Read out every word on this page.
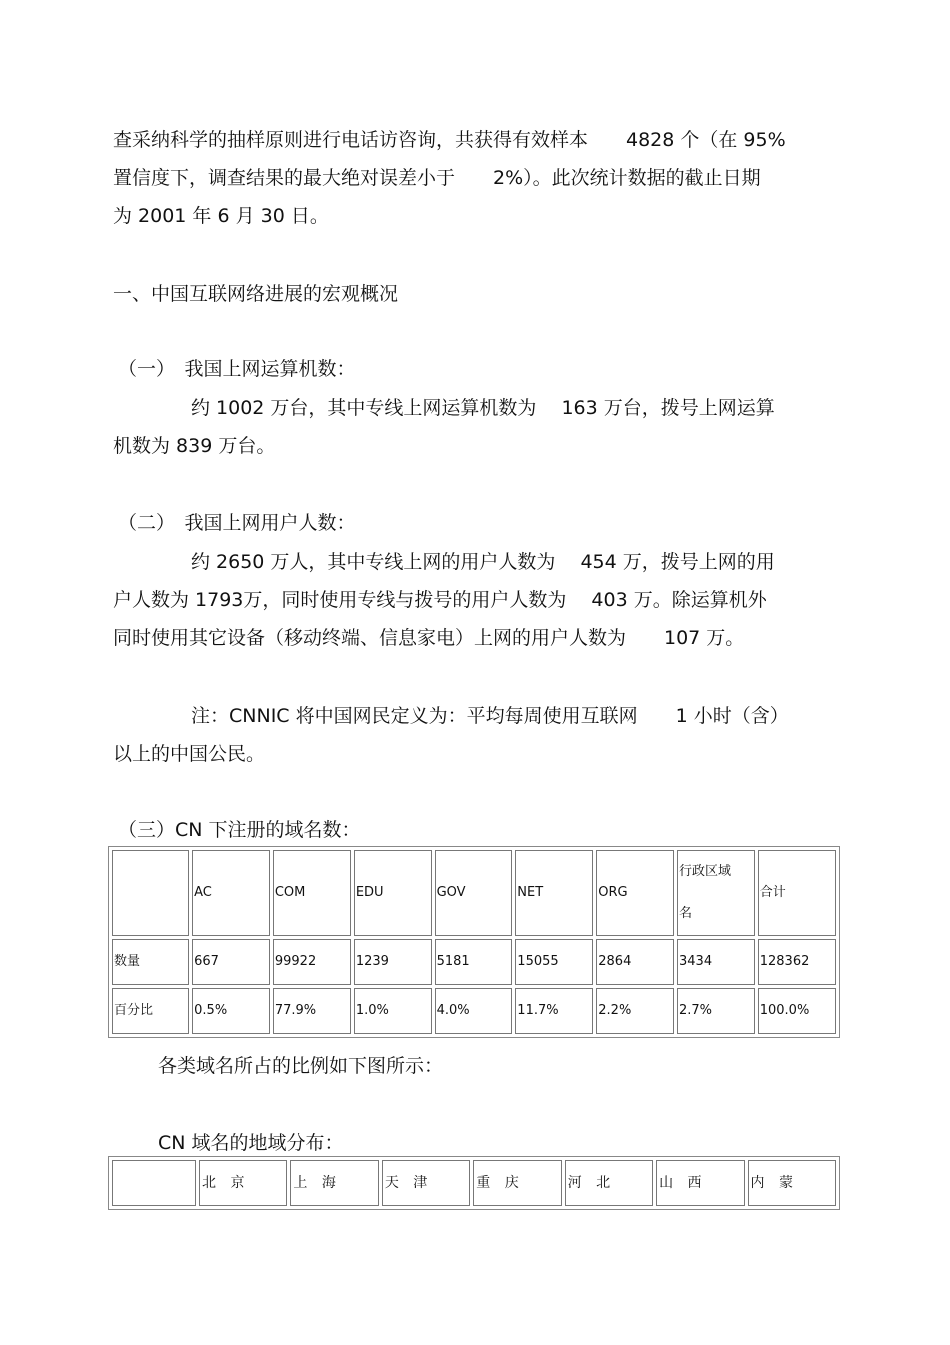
查采纳科学的抽样原则进行电话访咨询，共获得有效样本　　4828 个（在 95%
置信度下，调查结果的最大绝对误差小于　　2%）。此次统计数据的截止日期
为 2001 年 6 月 30 日。
一、中国互联网络进展的宏观概况
（一）　我国上网运算机数：
约 1002 万台，其中专线上网运算机数为　 163 万台，拨号上网运算
机数为 839 万台。
（二）　我国上网用户人数：
约 2650 万人，其中专线上网的用户人数为　 454 万，拨号上网的用
户人数为 1793万，同时使用专线与拨号的用户人数为　 403 万。除运算机外
同时使用其它设备（移动终端、信息家电）上网的用户人数为　　107 万。
注：CNNIC 将中国网民定义为：平均每周使用互联网　　1 小时（含）
以上的中国公民。
（三）CN 下注册的域名数：
	AC	COM	EDU	GOV	NET	ORG	行政区域
名	合计
数量	667	99922	1239	5181	15055	2864	3434	128362
百分比	0.5%	77.9%	1.0%	4.0%	11.7%	2.2%	2.7%	100.0%
各类域名所占的比例如下图所示：
CN 域名的地域分布：
	北 京	上 海	天 津	重 庆	河 北	山 西	内 蒙
